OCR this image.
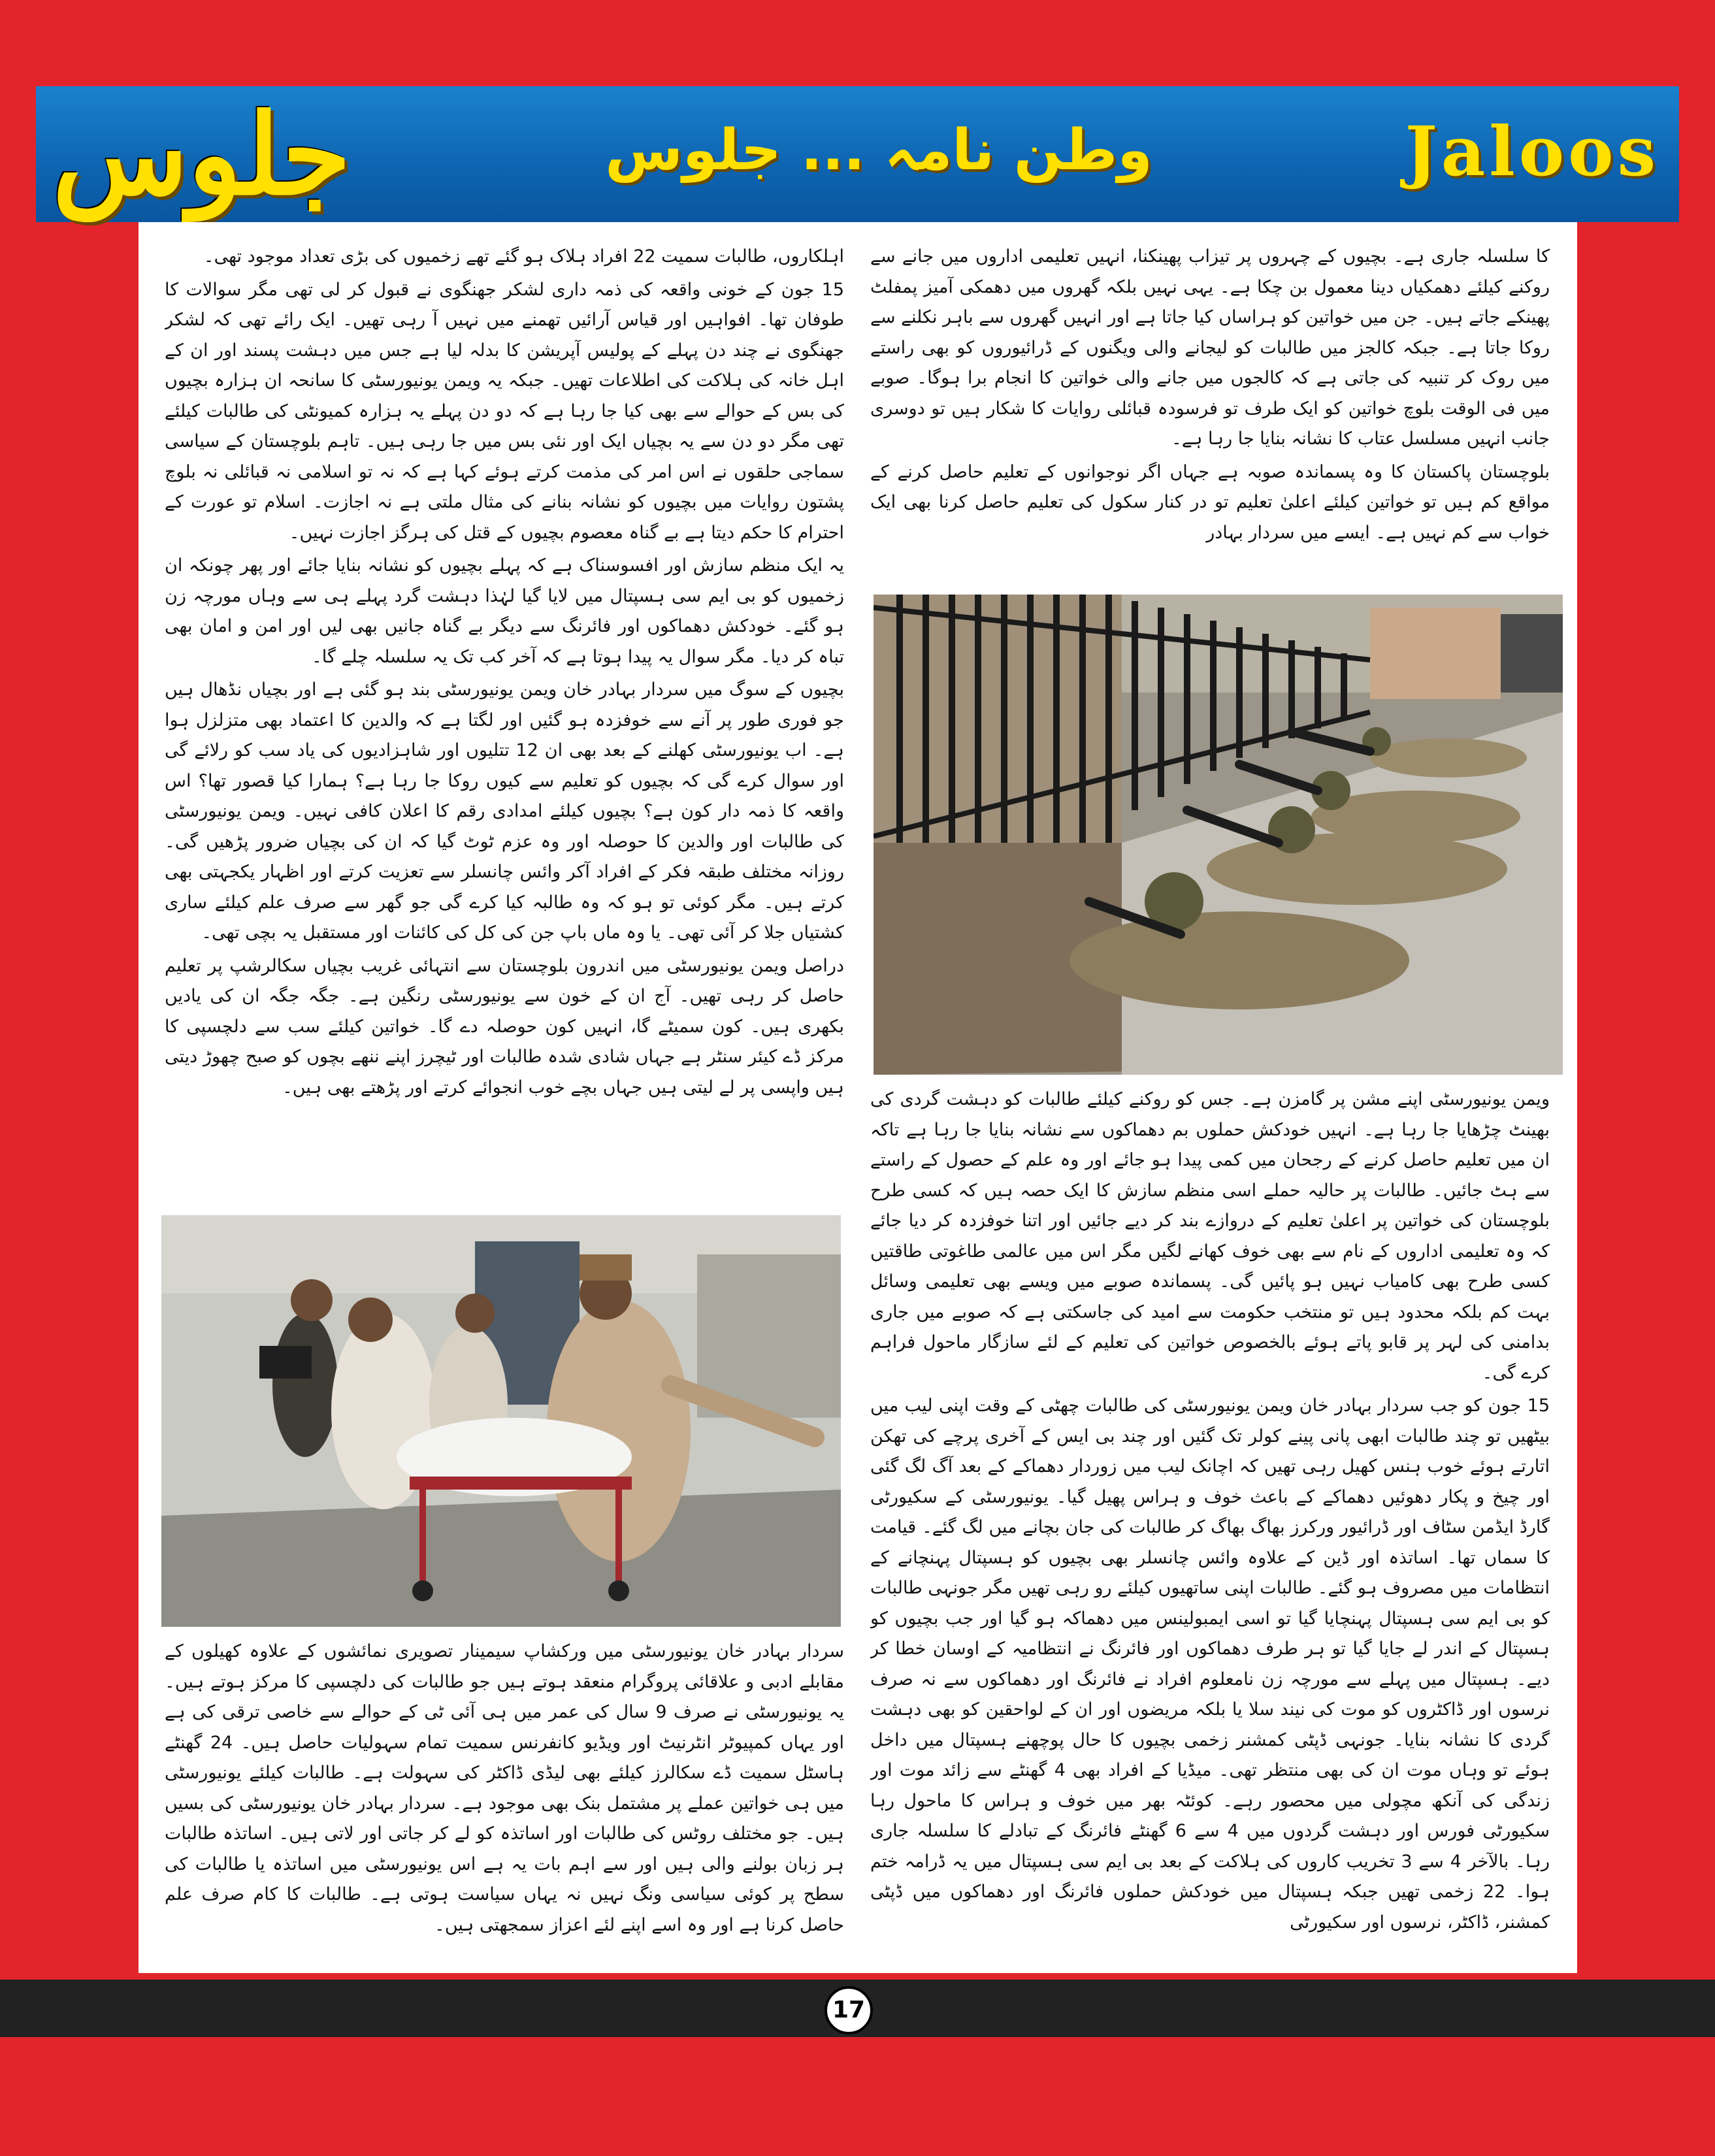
جلوس	وطن نامہ ... جلوس	Jaloos

کا سلسلہ جاری ہے۔ بچیوں کے چہروں پر تیزاب پھینکنا، انہیں تعلیمی اداروں میں جانے سے روکنے کیلئے دھمکیاں دینا معمول بن چکا ہے۔ یہی نہیں بلکہ گھروں میں دھمکی آمیز پمفلٹ پھینکے جاتے ہیں۔ جن میں خواتین کو ہراساں کیا جاتا ہے اور انہیں گھروں سے باہر نکلنے سے روکا جاتا ہے۔ جبکہ کالجز میں طالبات کو لیجانے والی ویگنوں کے ڈرائیوروں کو بھی راستے میں روک کر تنبیہ کی جاتی ہے کہ کالجوں میں جانے والی خواتین کا انجام برا ہوگا۔ صوبے میں فی الوقت بلوچ خواتین کو ایک طرف تو فرسودہ قبائلی روایات کا شکار ہیں تو دوسری جانب انہیں مسلسل عتاب کا نشانہ بنایا جا رہا ہے۔

بلوچستان پاکستان کا وہ پسماندہ صوبہ ہے جہاں اگر نوجوانوں کے تعلیم حاصل کرنے کے مواقع کم ہیں تو خواتین کیلئے اعلیٰ تعلیم تو در کنار سکول کی تعلیم حاصل کرنا بھی ایک خواب سے کم نہیں ہے۔ ایسے میں سردار بہادر

ویمن یونیورسٹی اپنے مشن پر گامزن ہے۔ جس کو روکنے کیلئے طالبات کو دہشت گردی کی بھینٹ چڑھایا جا رہا ہے۔ انہیں خودکش حملوں بم دھماکوں سے نشانہ بنایا جا رہا ہے تاکہ ان میں تعلیم حاصل کرنے کے رجحان میں کمی پیدا ہو جائے اور وہ علم کے حصول کے راستے سے ہٹ جائیں۔ طالبات پر حالیہ حملے اسی منظم سازش کا ایک حصہ ہیں کہ کسی طرح بلوچستان کی خواتین پر اعلیٰ تعلیم کے دروازے بند کر دیے جائیں اور اتنا خوفزدہ کر دیا جائے کہ وہ تعلیمی اداروں کے نام سے بھی خوف کھانے لگیں مگر اس میں عالمی طاغوتی طاقتیں کسی طرح بھی کامیاب نہیں ہو پائیں گی۔ پسماندہ صوبے میں ویسے بھی تعلیمی وسائل بہت کم بلکہ محدود ہیں تو منتخب حکومت سے امید کی جاسکتی ہے کہ صوبے میں جاری بدامنی کی لہر پر قابو پاتے ہوئے بالخصوص خواتین کی تعلیم کے لئے سازگار ماحول فراہم کرے گی۔

15 جون کو جب سردار بہادر خان ویمن یونیورسٹی کی طالبات چھٹی کے وقت اپنی لیب میں بیٹھیں تو چند طالبات ابھی پانی پینے کولر تک گئیں اور چند بی ایس کے آخری پرچے کی تھکن اتارتے ہوئے خوب ہنس کھیل رہی تھیں کہ اچانک لیب میں زوردار دھماکے کے بعد آگ لگ گئی اور چیخ و پکار دھوئیں دھماکے کے باعث خوف و ہراس پھیل گیا۔ یونیورسٹی کے سکیورٹی گارڈ ایڈمن سٹاف اور ڈرائیور ورکرز بھاگ بھاگ کر طالبات کی جان بچانے میں لگ گئے۔ قیامت کا سماں تھا۔ اساتذہ اور ڈین کے علاوہ وائس چانسلر بھی بچیوں کو ہسپتال پہنچانے کے انتظامات میں مصروف ہو گئے۔ طالبات اپنی ساتھیوں کیلئے رو رہی تھیں مگر جونہی طالبات کو بی ایم سی ہسپتال پہنچایا گیا تو اسی ایمبولینس میں دھماکہ ہو گیا اور جب بچیوں کو ہسپتال کے اندر لے جایا گیا تو ہر طرف دھماکوں اور فائرنگ نے انتظامیہ کے اوسان خطا کر دیے۔ ہسپتال میں پہلے سے مورچہ زن نامعلوم افراد نے فائرنگ اور دھماکوں سے نہ صرف نرسوں اور ڈاکٹروں کو موت کی نیند سلا یا بلکہ مریضوں اور ان کے لواحقین کو بھی دہشت گردی کا نشانہ بنایا۔ جونہی ڈپٹی کمشنر زخمی بچیوں کا حال پوچھنے ہسپتال میں داخل ہوئے تو وہاں موت ان کی بھی منتظر تھی۔ میڈیا کے افراد بھی 4 گھنٹے سے زائد موت اور زندگی کی آنکھ مچولی میں محصور رہے۔ کوئٹہ بھر میں خوف و ہراس کا ماحول رہا سکیورٹی فورس اور دہشت گردوں میں 4 سے 6 گھنٹے فائرنگ کے تبادلے کا سلسلہ جاری رہا۔ بالآخر 4 سے 3 تخریب کاروں کی ہلاکت کے بعد بی ایم سی ہسپتال میں یہ ڈرامہ ختم ہوا۔ 22 زخمی تھیں جبکہ ہسپتال میں خودکش حملوں فائرنگ اور دھماکوں میں ڈپٹی کمشنر، ڈاکٹر، نرسوں اور سکیورٹی

اہلکاروں، طالبات سمیت 22 افراد ہلاک ہو گئے تھے زخمیوں کی بڑی تعداد موجود تھی۔

15 جون کے خونی واقعہ کی ذمہ داری لشکر جھنگوی نے قبول کر لی تھی مگر سوالات کا طوفان تھا۔ افواہیں اور قیاس آرائیں تھمنے میں نہیں آ رہی تھیں۔ ایک رائے تھی کہ لشکر جھنگوی نے چند دن پہلے کے پولیس آپریشن کا بدلہ لیا ہے جس میں دہشت پسند اور ان کے اہل خانہ کی ہلاکت کی اطلاعات تھیں۔ جبکہ یہ ویمن یونیورسٹی کا سانحہ ان ہزارہ بچیوں کی بس کے حوالے سے بھی کیا جا رہا ہے کہ دو دن پہلے یہ ہزارہ کمیونٹی کی طالبات کیلئے تھی مگر دو دن سے یہ بچیاں ایک اور نئی بس میں جا رہی ہیں۔ تاہم بلوچستان کے سیاسی سماجی حلقوں نے اس امر کی مذمت کرتے ہوئے کہا ہے کہ نہ تو اسلامی نہ قبائلی نہ بلوچ پشتون روایات میں بچیوں کو نشانہ بنانے کی مثال ملتی ہے نہ اجازت۔ اسلام تو عورت کے احترام کا حکم دیتا ہے بے گناہ معصوم بچیوں کے قتل کی ہرگز اجازت نہیں۔

یہ ایک منظم سازش اور افسوسناک ہے کہ پہلے بچیوں کو نشانہ بنایا جائے اور پھر چونکہ ان زخمیوں کو بی ایم سی ہسپتال میں لایا گیا لہٰذا دہشت گرد پہلے ہی سے وہاں مورچہ زن ہو گئے۔ خودکش دھماکوں اور فائرنگ سے دیگر بے گناہ جانیں بھی لیں اور امن و امان بھی تباہ کر دیا۔ مگر سوال یہ پیدا ہوتا ہے کہ آخر کب تک یہ سلسلہ چلے گا۔

بچیوں کے سوگ میں سردار بہادر خان ویمن یونیورسٹی بند ہو گئی ہے اور بچیاں نڈھال ہیں جو فوری طور پر آنے سے خوفزدہ ہو گئیں اور لگتا ہے کہ والدین کا اعتماد بھی متزلزل ہوا ہے۔ اب یونیورسٹی کھلنے کے بعد بھی ان 12 تتلیوں اور شاہزادیوں کی یاد سب کو رلائے گی اور سوال کرے گی کہ بچیوں کو تعلیم سے کیوں روکا جا رہا ہے؟ ہمارا کیا قصور تھا؟ اس واقعہ کا ذمہ دار کون ہے؟ بچیوں کیلئے امدادی رقم کا اعلان کافی نہیں۔ ویمن یونیورسٹی کی طالبات اور والدین کا حوصلہ اور وہ عزم ٹوٹ گیا کہ ان کی بچیاں ضرور پڑھیں گی۔ روزانہ مختلف طبقہ فکر کے افراد آکر وائس چانسلر سے تعزیت کرتے اور اظہار یکجہتی بھی کرتے ہیں۔ مگر کوئی تو ہو کہ وہ طالبہ کیا کرے گی جو گھر سے صرف علم کیلئے ساری کشتیاں جلا کر آئی تھی۔ یا وہ ماں باپ جن کی کل کی کائنات اور مستقبل یہ بچی تھی۔

دراصل ویمن یونیورسٹی میں اندرون بلوچستان سے انتہائی غریب بچیاں سکالرشپ پر تعلیم حاصل کر رہی تھیں۔ آج ان کے خون سے یونیورسٹی رنگین ہے۔ جگہ جگہ ان کی یادیں بکھری ہیں۔ کون سمیٹے گا، انہیں کون حوصلہ دے گا۔ خواتین کیلئے سب سے دلچسپی کا مرکز ڈے کیئر سنٹر ہے جہاں شادی شدہ طالبات اور ٹیچرز اپنے ننھے بچوں کو صبح چھوڑ دیتی ہیں واپسی پر لے لیتی ہیں جہاں بچے خوب انجوائے کرتے اور پڑھتے بھی ہیں۔

سردار بہادر خان یونیورسٹی میں ورکشاپ سیمینار تصویری نمائشوں کے علاوہ کھیلوں کے مقابلے ادبی و علاقائی پروگرام منعقد ہوتے ہیں جو طالبات کی دلچسپی کا مرکز ہوتے ہیں۔ یہ یونیورسٹی نے صرف 9 سال کی عمر میں ہی آئی ٹی کے حوالے سے خاصی ترقی کی ہے اور یہاں کمپیوٹر انٹرنیٹ اور ویڈیو کانفرنس سمیت تمام سہولیات حاصل ہیں۔ 24 گھنٹے ہاسٹل سمیت ڈے سکالرز کیلئے بھی لیڈی ڈاکٹر کی سہولت ہے۔ طالبات کیلئے یونیورسٹی میں ہی خواتین عملے پر مشتمل بنک بھی موجود ہے۔ سردار بہادر خان یونیورسٹی کی بسیں ہیں۔ جو مختلف روٹس کی طالبات اور اساتذہ کو لے کر جاتی اور لاتی ہیں۔ اساتذہ طالبات ہر زبان بولنے والی ہیں اور سے اہم بات یہ ہے اس یونیورسٹی میں اساتذہ یا طالبات کی سطح پر کوئی سیاسی ونگ نہیں نہ یہاں سیاست ہوتی ہے۔ طالبات کا کام صرف علم حاصل کرنا ہے اور وہ اسے اپنے لئے اعزاز سمجھتی ہیں۔

17
